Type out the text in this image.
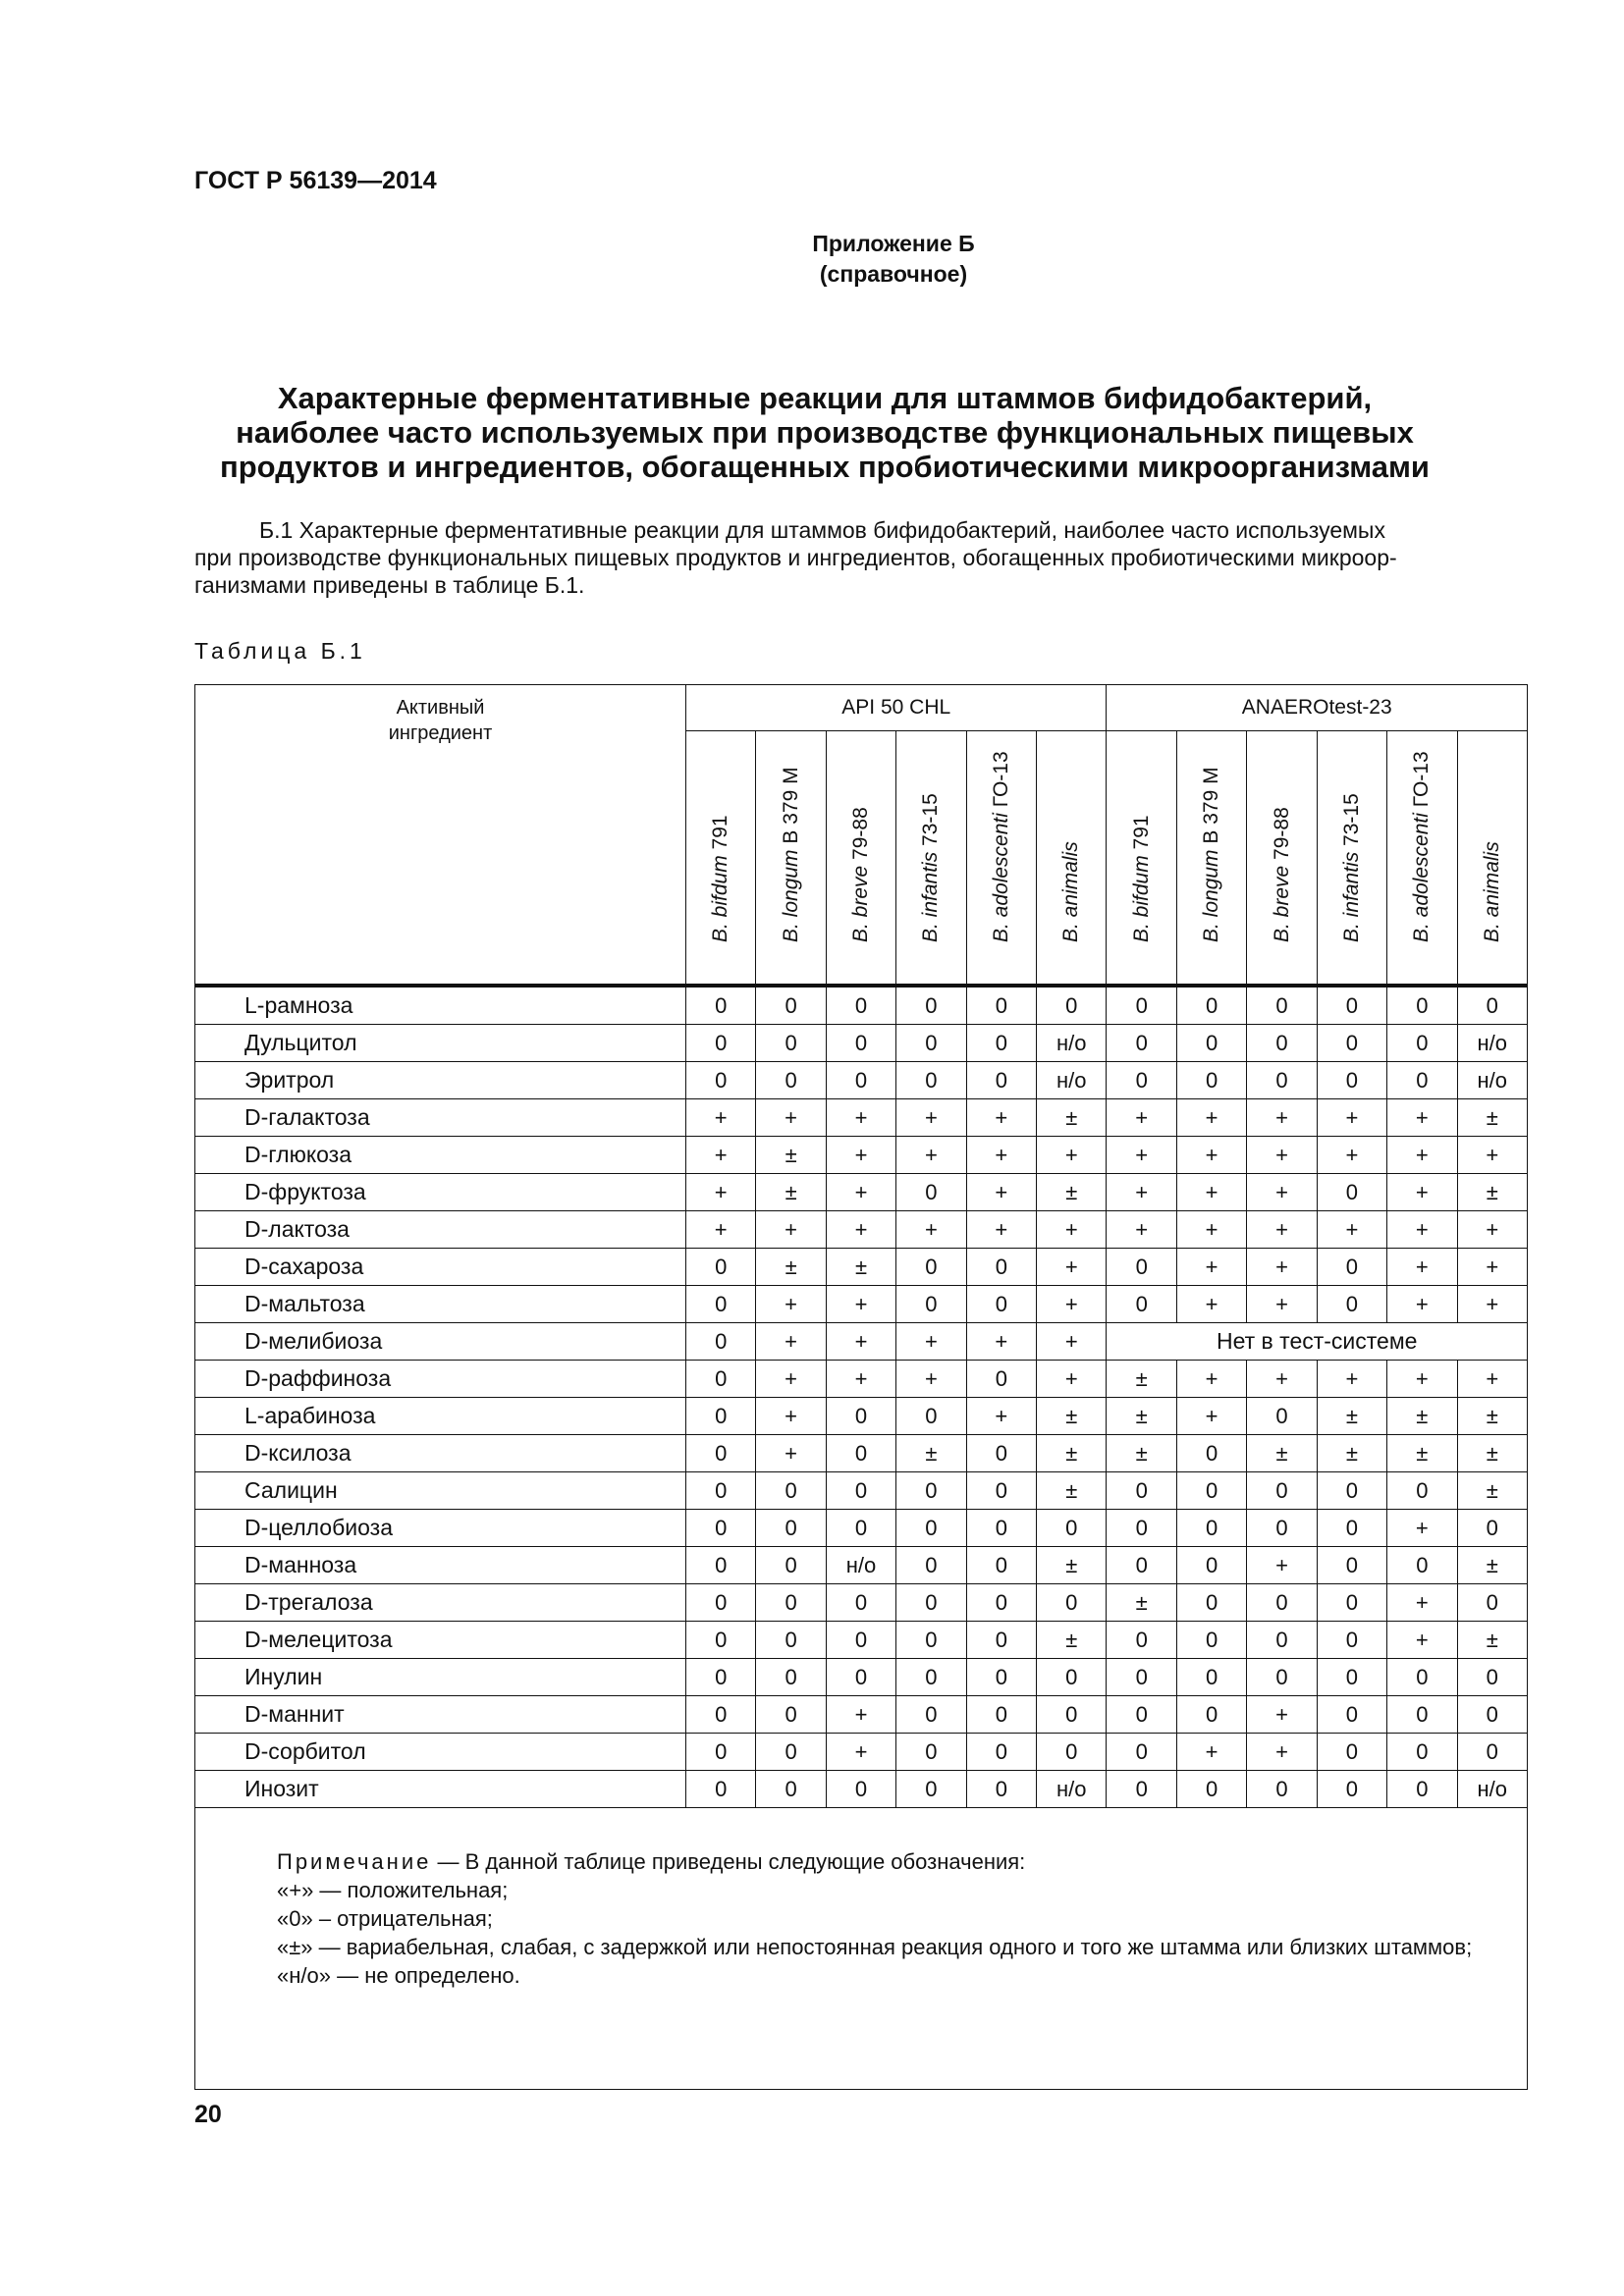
ГОСТ Р 56139—2014
Приложение Б
(справочное)
Характерные ферментативные реакции для штаммов бифидобактерий,
наиболее часто используемых при производстве функциональных пищевых
продуктов и ингредиентов, обогащенных пробиотическими микроорганизмами
Б.1 Характерные ферментативные реакции для штаммов бифидобактерий, наиболее часто используемых
при производстве функциональных пищевых продуктов и ингредиентов, обогащенных пробиотическими микроор-
ганизмами приведены в таблице Б.1.
Таблица Б.1
Активный
ингредиент	API 50 CHL						ANAEROtest-23					

	B. bifdum 791	B. longum B 379 M	B. breve 79-88	B. infantis 73-15	B. adolescenti ГО-13	B. animalis	B. bifdum 791	B. longum B 379 M	B. breve 79-88	B. infantis 73-15	B. adolescenti ГО-13	B. animalis

L-рамноза	0	0	0	0	0	0	0	0	0	0	0	0
Дульцитол	0	0	0	0	0	н/о	0	0	0	0	0	н/о
Эритрол	0	0	0	0	0	н/о	0	0	0	0	0	н/о
D-галактоза	+	+	+	+	+	±	+	+	+	+	+	±
D-глюкоза	+	±	+	+	+	+	+	+	+	+	+	+
D-фруктоза	+	±	+	0	+	±	+	+	+	0	+	±
D-лактоза	+	+	+	+	+	+	+	+	+	+	+	+
D-сахароза	0	±	±	0	0	+	0	+	+	0	+	+
D-мальтоза	0	+	+	0	0	+	0	+	+	0	+	+
D-мелибиоза	0	+	+	+	+	+	Нет в тест-системе					
D-раффиноза	0	+	+	+	0	+	±	+	+	+	+	+
L-арабиноза	0	+	0	0	+	±	±	+	0	±	±	±
D-ксилоза	0	+	0	±	0	±	±	0	±	±	±	±
Салицин	0	0	0	0	0	±	0	0	0	0	0	±
D-целлобиоза	0	0	0	0	0	0	0	0	0	0	+	0
D-манноза	0	0	н/о	0	0	±	0	0	+	0	0	±
D-трегалоза	0	0	0	0	0	0	±	0	0	0	+	0
D-мелецитоза	0	0	0	0	0	±	0	0	0	0	+	±
Инулин	0	0	0	0	0	0	0	0	0	0	0	0
D-маннит	0	0	+	0	0	0	0	0	+	0	0	0
D-сорбитол	0	0	+	0	0	0	0	+	+	0	0	0
Инозит	0	0	0	0	0	н/о	0	0	0	0	0	н/о

Примечание — В данной таблице приведены следующие обозначения:
«+» — положительная;
«0» – отрицательная;
«±» — вариабельная, слабая, с задержкой или непостоянная реакция одного и того же штамма или близких штаммов;
«н/о» — не определено.												
20
